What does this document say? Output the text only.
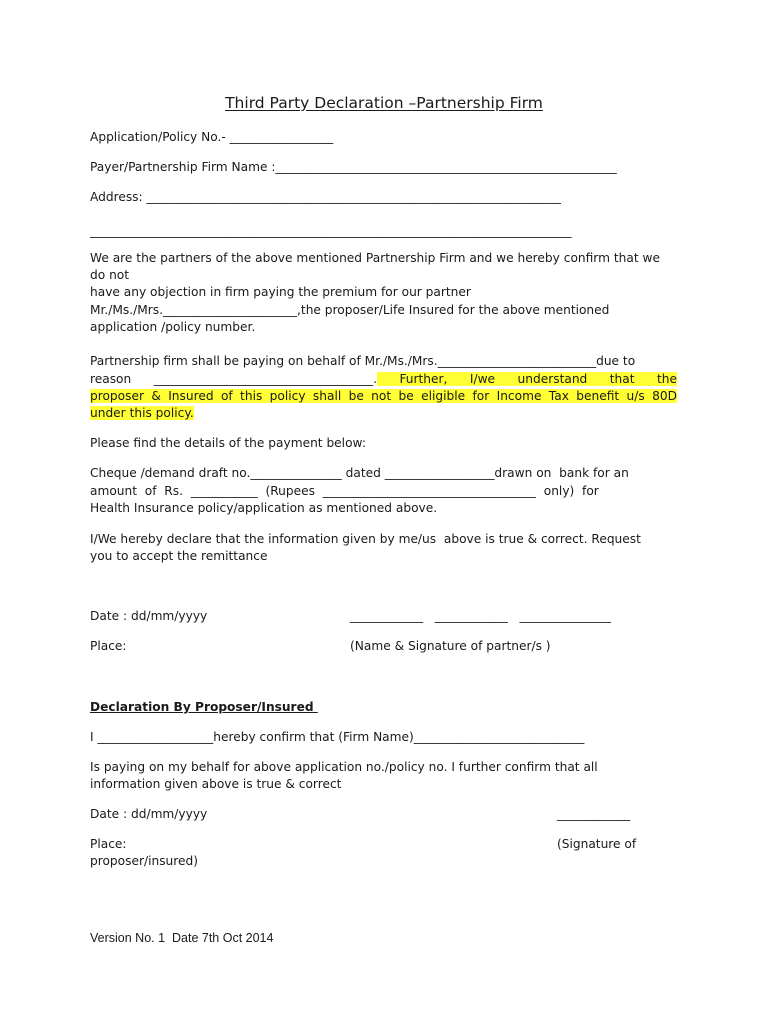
Third Party Declaration –Partnership Firm
Application/Policy No.- _________________
Payer/Partnership Firm Name :________________________________________________________
Address: ____________________________________________________________________
_______________________________________________________________________________
We are the partners of the above mentioned Partnership Firm and we hereby confirm that we
do not
have any objection in firm paying the premium for our partner
Mr./Ms./Mrs.______________________,the proposer/Life Insured for the above mentioned
application /policy number.
Partnership firm shall be paying on behalf of Mr./Ms./Mrs.__________________________due to
reason ____________________________________. Further, I/we understand that the
proposer & Insured of this policy shall be not be eligible for Income Tax benefit u/s 80D
under this policy.
Please find the details of the payment below:
Cheque /demand draft no._______________ dated __________________drawn on  bank for an
amount  of  Rs.  ___________  (Rupees  ___________________________________  only)  for
Health Insurance policy/application as mentioned above.
I/We hereby declare that the information given by me/us  above is true & correct. Request
you to accept the remittance
Date : dd/mm/yyyy	____________   ____________   _______________
Place:	(Name & Signature of partner/s )
Declaration By Proposer/Insured
I ___________________hereby confirm that (Firm Name)____________________________
Is paying on my behalf for above application no./policy no. I further confirm that all
information given above is true & correct
Date : dd/mm/yyyy	____________
Place:	(Signature of
proposer/insured)
Version No. 1  Date 7th Oct 2014
